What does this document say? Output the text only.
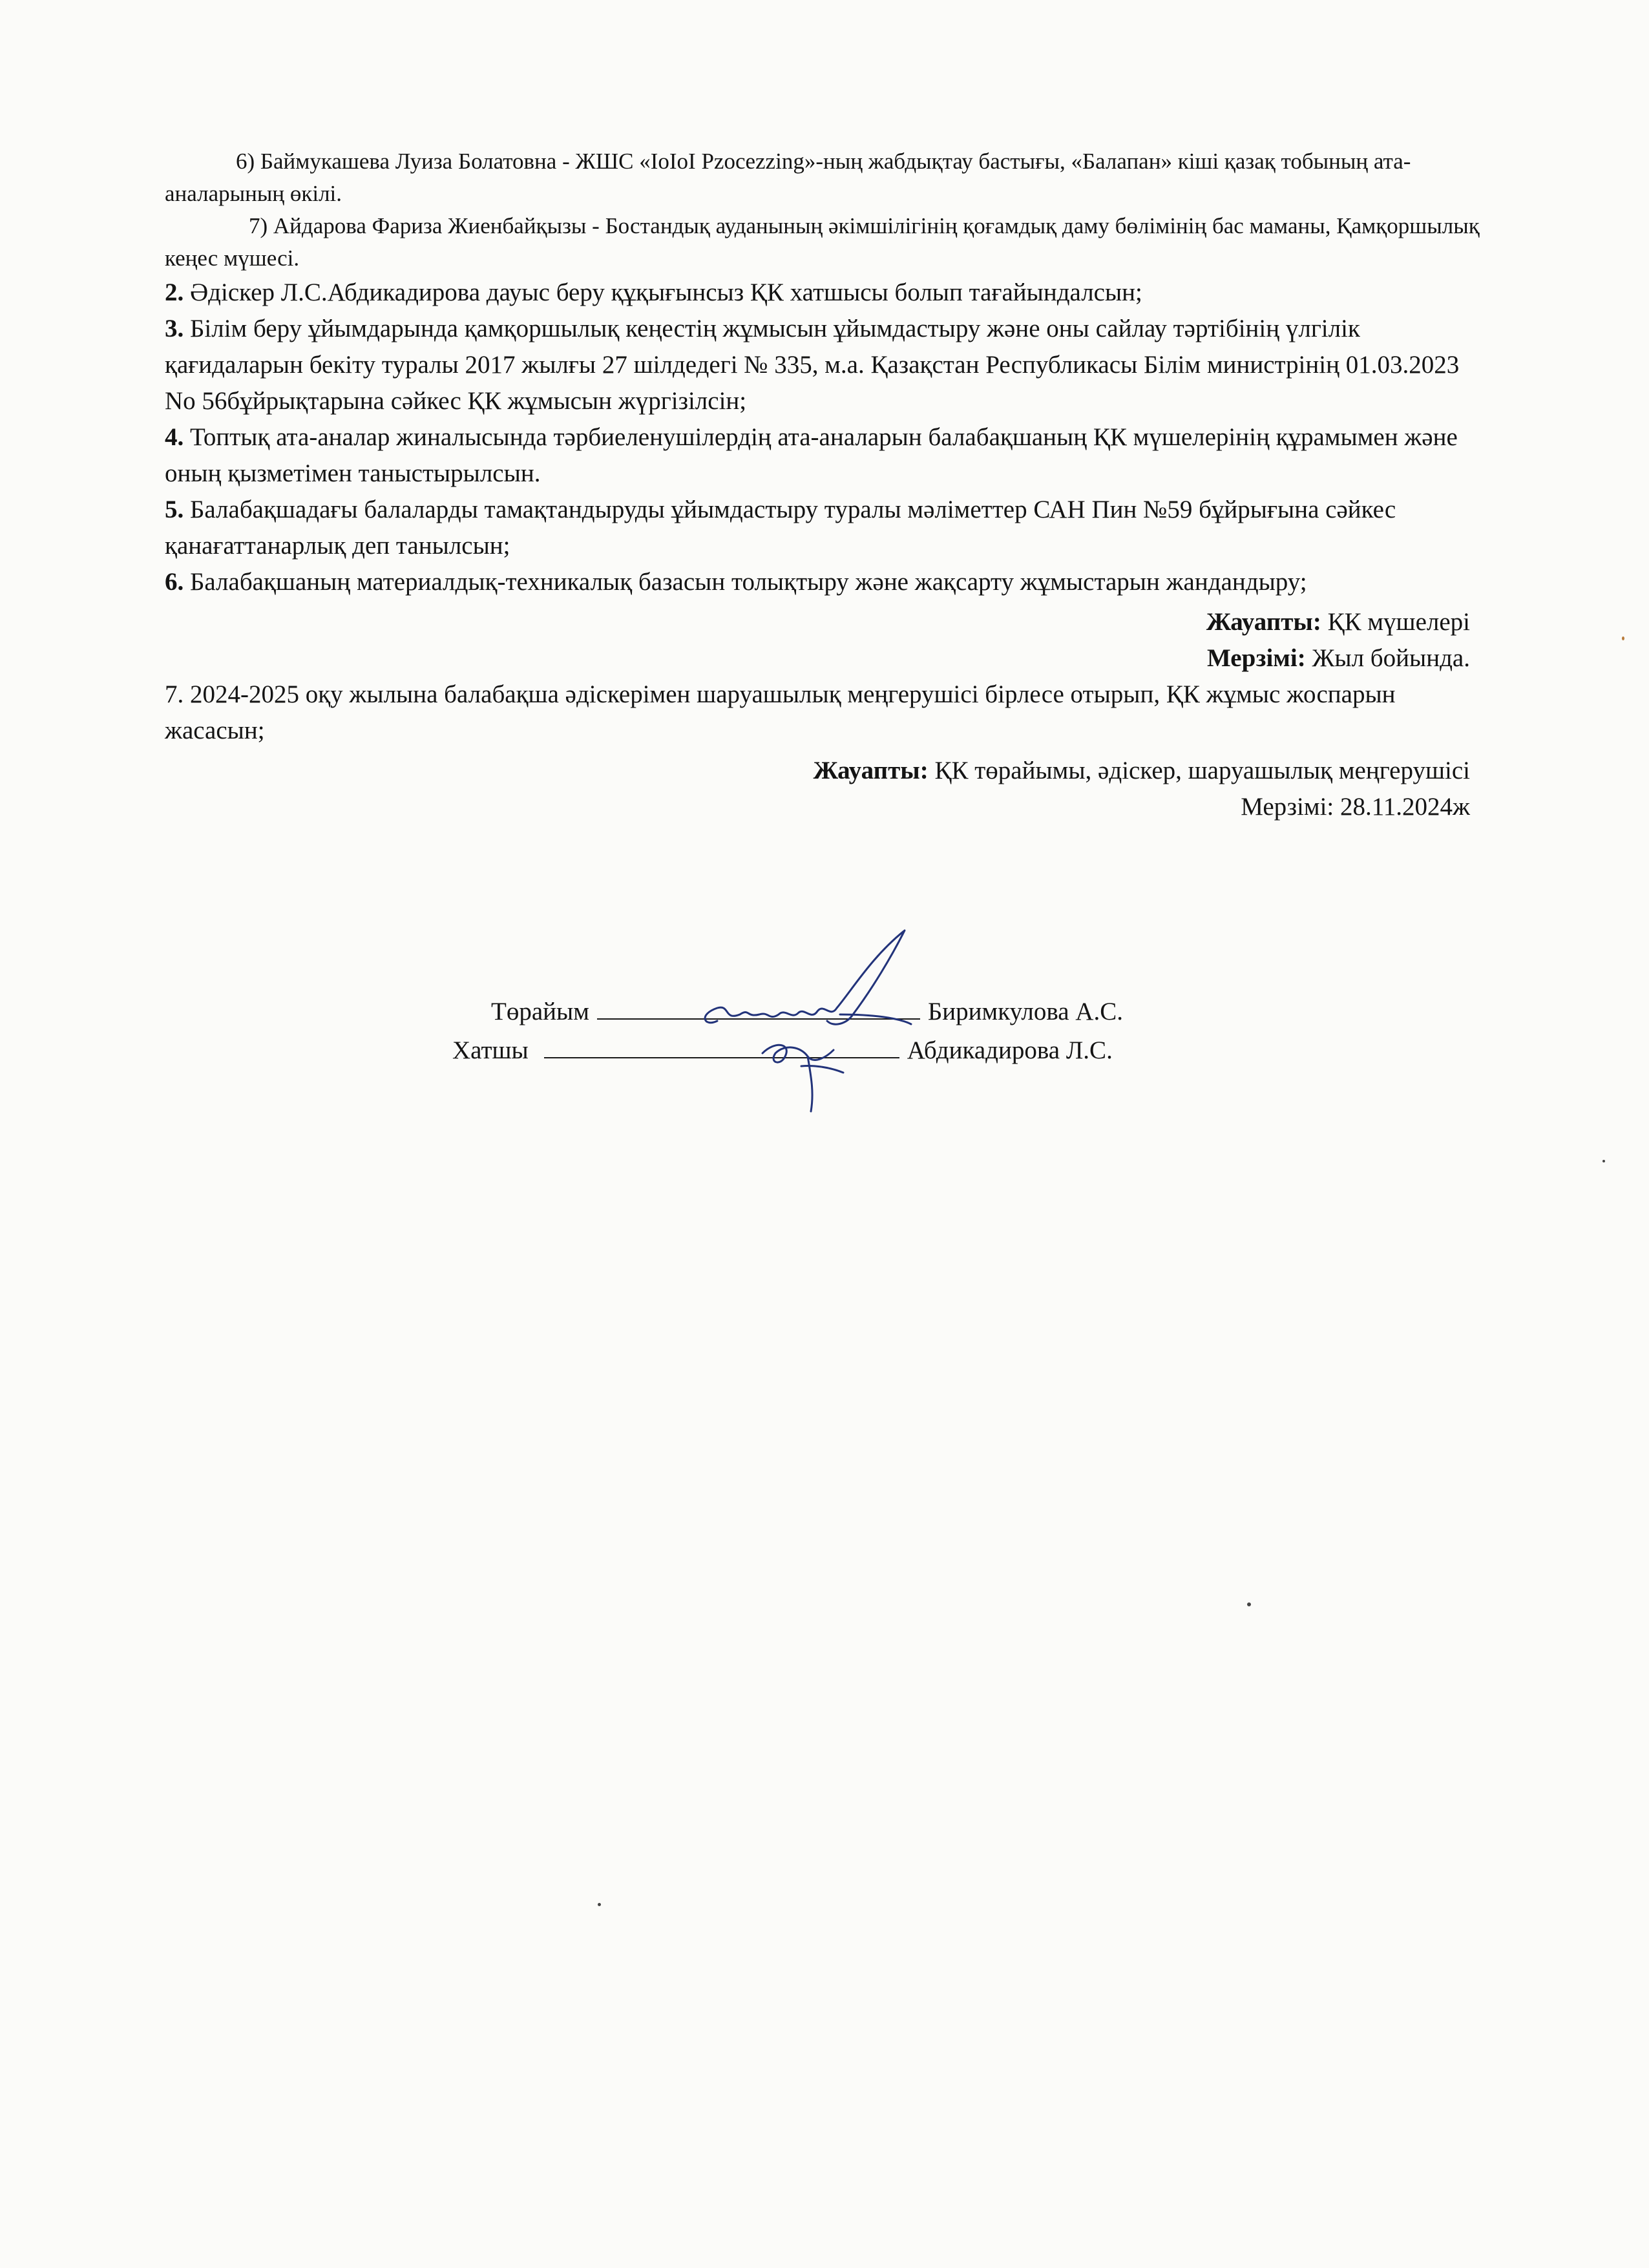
6) Баймукашева Луиза Болатовна - ЖШС «IoIoI Pzocezzing»-ның жабдықтау бастығы, «Балапан» кіші қазақ тобының ата-аналарының өкілі.

7) Айдарова Фариза Жиенбайқызы - Бостандық ауданының әкімшілігінің қоғамдық даму бөлімінің бас маманы, Қамқоршылық кеңес мүшесі.

2. Әдіскер Л.С.Абдикадирова дауыс беру құқығынсыз ҚК хатшысы болып тағайындалсын;

3. Білім беру ұйымдарында қамқоршылық кеңестің жұмысын ұйымдастыру және оны сайлау тәртібінің үлгілік қағидаларын бекіту туралы 2017 жылғы 27 шілдедегі № 335, м.а. Қазақстан Республикасы Білім министрінің 01.03.2023 No 56бұйрықтарына сәйкес ҚК жұмысын жүргізілсін;

4. Топтық ата-аналар жиналысында тәрбиеленушілердің ата-аналарын балабақшаның ҚК мүшелерінің құрамымен және оның қызметімен таныстырылсын.

5. Балабақшадағы балаларды тамақтандыруды ұйымдастыру туралы мәліметтер САН Пин №59 бұйрығына сәйкес қанағаттанарлық деп танылсын;

6. Балабақшаның материалдық-техникалық базасын толықтыру және жақсарту жұмыстарын жандандыру;

Жауапты: ҚК мүшелері

Мерзімі: Жыл бойында.

7. 2024-2025 оқу жылына балабақша әдіскерімен шаруашылық меңгерушісі бірлесе отырып, ҚК жұмыс жоспарын жасасын;

Жауапты: ҚК төрайымы, әдіскер, шаруашылық меңгерушісі

Мерзімі: 28.11.2024ж

Төрайым	Биримкулова А.С.
Хатшы	Абдикадирова Л.С.
